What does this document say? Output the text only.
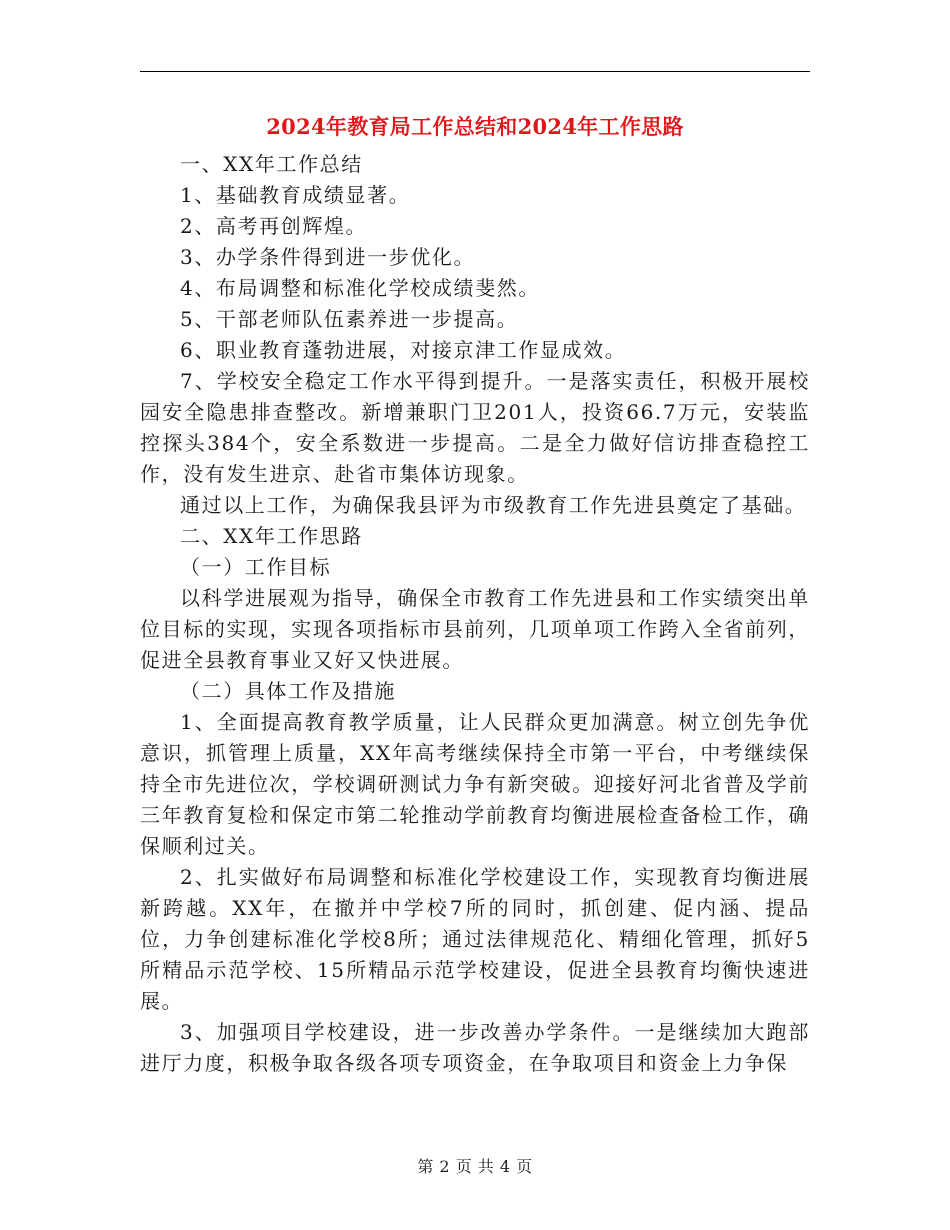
2024年教育局工作总结和2024年工作思路

一、XX年工作总结

1、基础教育成绩显著。

2、高考再创辉煌。

3、办学条件得到进一步优化。

4、布局调整和标准化学校成绩斐然。

5、干部老师队伍素养进一步提高。

6、职业教育蓬勃进展，对接京津工作显成效。

7、学校安全稳定工作水平得到提升。一是落实责任，积极开展校园安全隐患排查整改。新增兼职门卫201人，投资66.7万元，安装监控探头384个，安全系数进一步提高。二是全力做好信访排查稳控工作，没有发生进京、赴省市集体访现象。

通过以上工作，为确保我县评为市级教育工作先进县奠定了基础。

二、XX年工作思路

（一）工作目标

以科学进展观为指导，确保全市教育工作先进县和工作实绩突出单位目标的实现，实现各项指标市县前列，几项单项工作跨入全省前列，促进全县教育事业又好又快进展。

（二）具体工作及措施

1、全面提高教育教学质量，让人民群众更加满意。树立创先争优意识，抓管理上质量，XX年高考继续保持全市第一平台，中考继续保持全市先进位次，学校调研测试力争有新突破。迎接好河北省普及学前三年教育复检和保定市第二轮推动学前教育均衡进展检查备检工作，确保顺利过关。

2、扎实做好布局调整和标准化学校建设工作，实现教育均衡进展新跨越。XX年，在撤并中学校7所的同时，抓创建、促内涵、提品位，力争创建标准化学校8所；通过法律规范化、精细化管理，抓好5所精品示范学校、15所精品示范学校建设，促进全县教育均衡快速进展。

3、加强项目学校建设，进一步改善办学条件。一是继续加大跑部进厅力度，积极争取各级各项专项资金，在争取项目和资金上力争保

第 2 页 共 4 页
